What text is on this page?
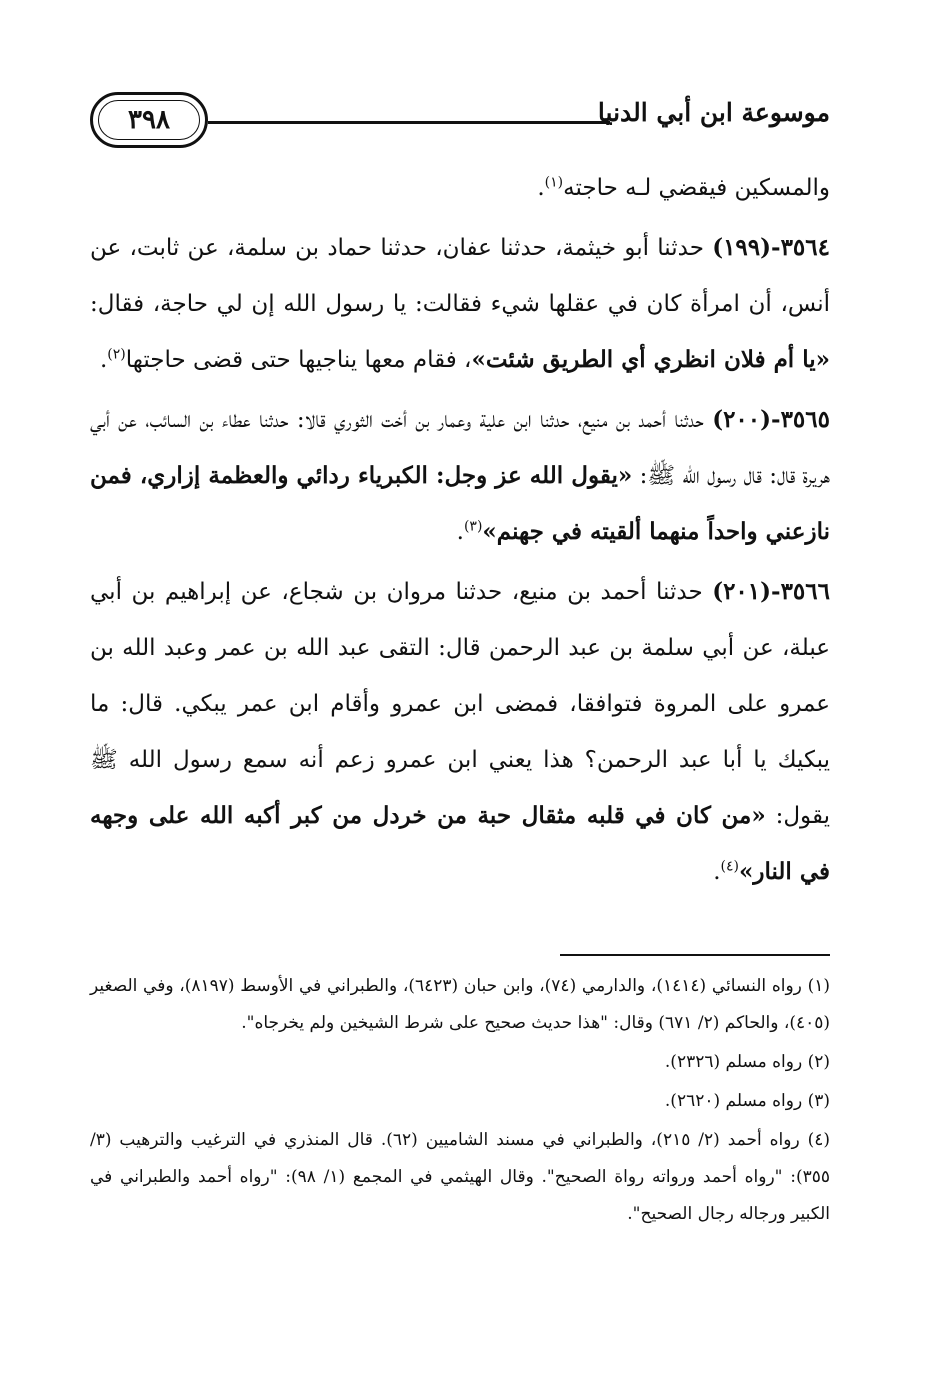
٣٩٨	موسوعة ابن أبي الدنيا

والمسكين فيقضي لـه حاجته$^{(١)}$.

٣٥٦٤-(١٩٩) حدثنا أبو خيثمة، حدثنا عفان، حدثنا حماد بن سلمة، عن ثابت، عن أنس، أن امرأة كان في عقلها شيء فقالت: يا رسول الله إن لي حاجة، فقال: «يا أم فلان انظري أي الطريق شئت»، فقام معها يناجيها حتى قضى حاجتها$^{(٢)}$.

٣٥٦٥-(٢٠٠) حدثنا أحمد بن منيع، حدثنا ابن علية وعمار بن أخت الثوري قالا: حدثنا عطاء بن السائب، عن أبي هريرة قال: قال رسول الله ﷺ: «يقول الله عز وجل: الكبرياء ردائي والعظمة إزاري، فمن نازعني واحداً منهما ألقيته في جهنم»$^{(٣)}$.

٣٥٦٦-(٢٠١) حدثنا أحمد بن منيع، حدثنا مروان بن شجاع، عن إبراهيم بن أبي عبلة، عن أبي سلمة بن عبد الرحمن قال: التقى عبد الله بن عمر وعبد الله بن عمرو على المروة فتوافقا، فمضى ابن عمرو وأقام ابن عمر يبكي. قال: ما يبكيك يا أبا عبد الرحمن؟ هذا يعني ابن عمرو زعم أنه سمع رسول الله ﷺ يقول: «من كان في قلبه مثقال حبة من خردل من كبر أكبه الله على وجهه في النار»$^{(٤)}$.

(١) رواه النسائي (١٤١٤)، والدارمي (٧٤)، وابن حبان (٦٤٢٣)، والطبراني في الأوسط (٨١٩٧)، وفي الصغير (٤٠٥)، والحاكم (٢/ ٦٧١) وقال: "هذا حديث صحيح على شرط الشيخين ولم يخرجاه".

(٢) رواه مسلم (٢٣٢٦).

(٣) رواه مسلم (٢٦٢٠).

(٤) رواه أحمد (٢/ ٢١٥)، والطبراني في مسند الشاميين (٦٢). قال المنذري في الترغيب والترهيب (٣/ ٣٥٥): "رواه أحمد ورواته رواة الصحيح". وقال الهيثمي في المجمع (١/ ٩٨): "رواه أحمد والطبراني في الكبير ورجاله رجال الصحيح".
